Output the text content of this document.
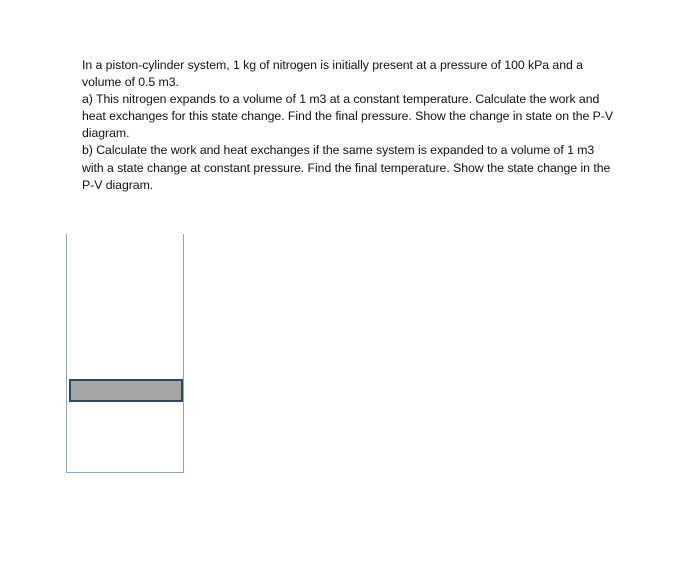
In a piston-cylinder system, 1 kg of nitrogen is initially present at a pressure of 100 kPa and a volume of 0.5 m3.

a) This nitrogen expands to a volume of 1 m3 at a constant temperature. Calculate the work and heat exchanges for this state change. Find the final pressure. Show the change in state on the P-V diagram.

b) Calculate the work and heat exchanges if the same system is expanded to a volume of 1 m3 with a state change at constant pressure. Find the final temperature. Show the state change in the P-V diagram.
